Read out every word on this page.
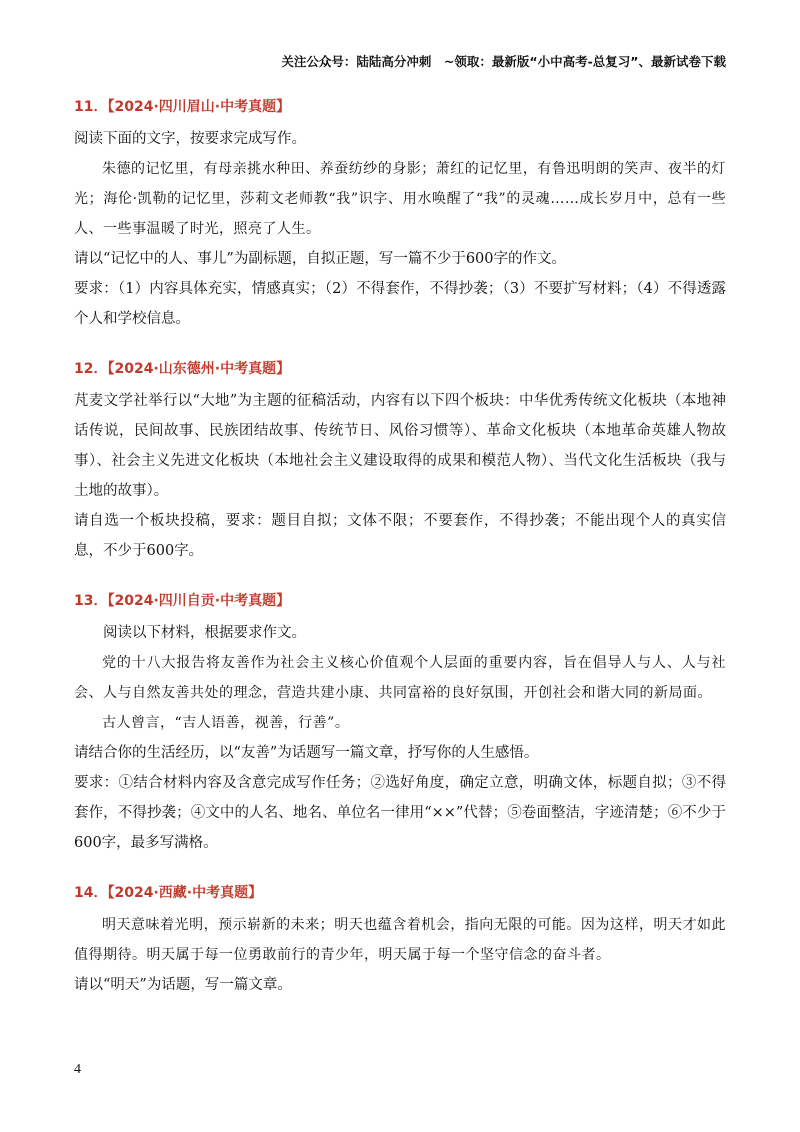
关注公众号：陆陆高分冲刺　~领取：最新版“小中高考-总复习”、最新试卷下载
11．【2024·四川眉山·中考真题】

阅读下面的文字，按要求完成写作。

朱德的记忆里，有母亲挑水种田、养蚕纺纱的身影；萧红的记忆里，有鲁迅明朗的笑声、夜半的灯光；海伦·凯勒的记忆里，莎莉文老师教“我”识字、用水唤醒了“我”的灵魂……成长岁月中，总有一些人、一些事温暖了时光，照亮了人生。

请以“记忆中的人、事儿”为副标题，自拟正题，写一篇不少于600字的作文。

要求：（1）内容具体充实，情感真实；（2）不得套作，不得抄袭；（3）不要扩写材料；（4）不得透露个人和学校信息。

12．【2024·山东德州·中考真题】

芃麦文学社举行以“大地”为主题的征稿活动，内容有以下四个板块：中华优秀传统文化板块（本地神话传说，民间故事、民族团结故事、传统节日、风俗习惯等）、革命文化板块（本地革命英雄人物故事）、社会主义先进文化板块（本地社会主义建设取得的成果和模范人物）、当代文化生活板块（我与土地的故事）。

请自选一个板块投稿，要求：题目自拟；文体不限；不要套作，不得抄袭；不能出现个人的真实信息，不少于600字。

13．【2024·四川自贡·中考真题】

阅读以下材料，根据要求作文。

党的十八大报告将友善作为社会主义核心价值观个人层面的重要内容，旨在倡导人与人、人与社会、人与自然友善共处的理念，营造共建小康、共同富裕的良好氛围，开创社会和谐大同的新局面。

古人曾言，“吉人语善，视善，行善”。

请结合你的生活经历，以“友善”为话题写一篇文章，抒写你的人生感悟。

要求：①结合材料内容及含意完成写作任务；②选好角度，确定立意，明确文体，标题自拟；③不得套作，不得抄袭；④文中的人名、地名、单位名一律用“××”代替；⑤卷面整洁，字迹清楚；⑥不少于600字，最多写满格。

14．【2024·西藏·中考真题】

明天意味着光明，预示崭新的未来；明天也蕴含着机会，指向无限的可能。因为这样，明天才如此值得期待。明天属于每一位勇敢前行的青少年，明天属于每一个坚守信念的奋斗者。

请以“明天”为话题，写一篇文章。

4
